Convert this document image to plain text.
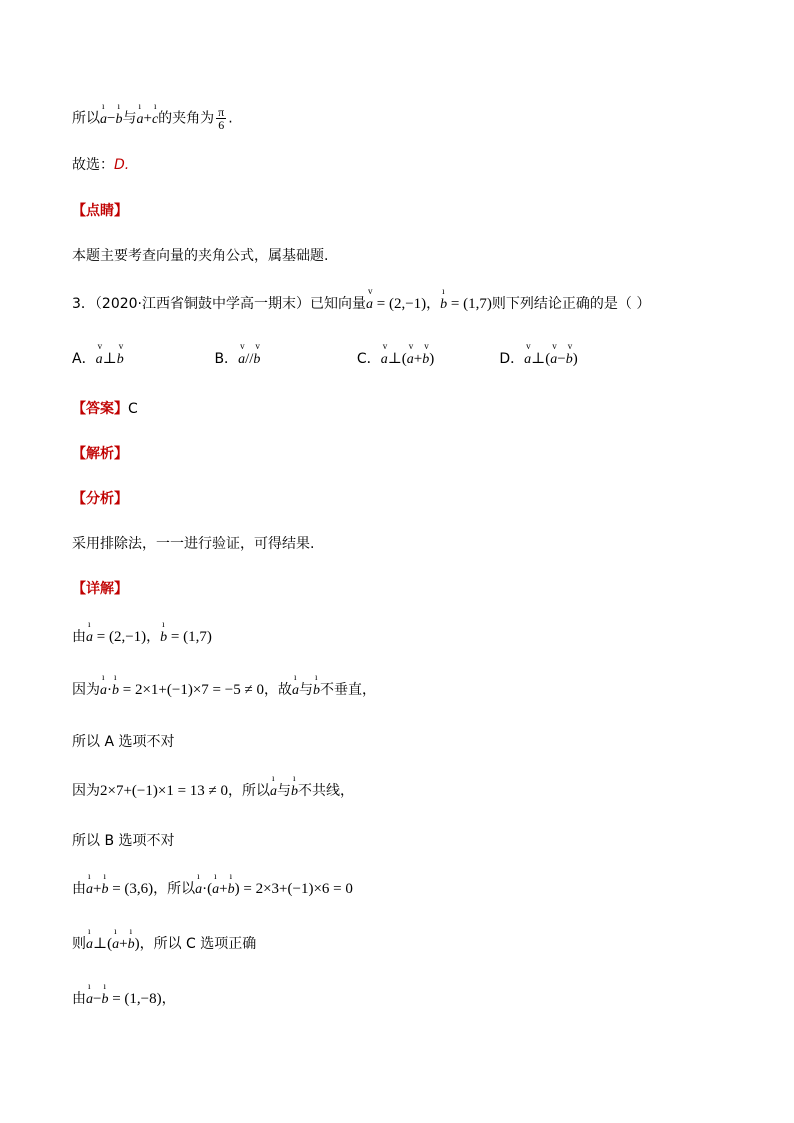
所以
ı
a−
ı
b与
ı
a+
ı
c的夹角为 $\frac{\pi}{6}$ .
故选：D.
【点睛】
本题主要考查向量的夹角公式，属基础题.
3．（2020·江西省铜鼓中学高一期末）已知向量
v
a = (2,−1)，
ı
b = (1,7)则下列结论正确的是（ ）
A．
v
a⊥
v
b	B．
v
a//
v
b	C．
v
a⊥(
v
a+
v
b)	D．
v
a⊥(
v
a−
v
b)
【答案】C
【解析】
【分析】
采用排除法，一一进行验证，可得结果.
【详解】
由
ı
a = (2,−1)，
ı
b = (1,7)
因为
ı
a·
ı
b = 2×1+(−1)×7 = −5 ≠ 0，故
ı
a与
ı
b不垂直，
所以 A 选项不对
因为2×7+(−1)×1 = 13 ≠ 0，所以
ı
a与
ı
b不共线，
所以 B 选项不对
由
ı
a+
ı
b = (3,6)，所以
ı
a·(
ı
a+
ı
b) = 2×3+(−1)×6 = 0
则
ı
a⊥(
ı
a+
ı
b)，所以 C 选项正确
由
ı
a−
ı
b = (1,−8)，
